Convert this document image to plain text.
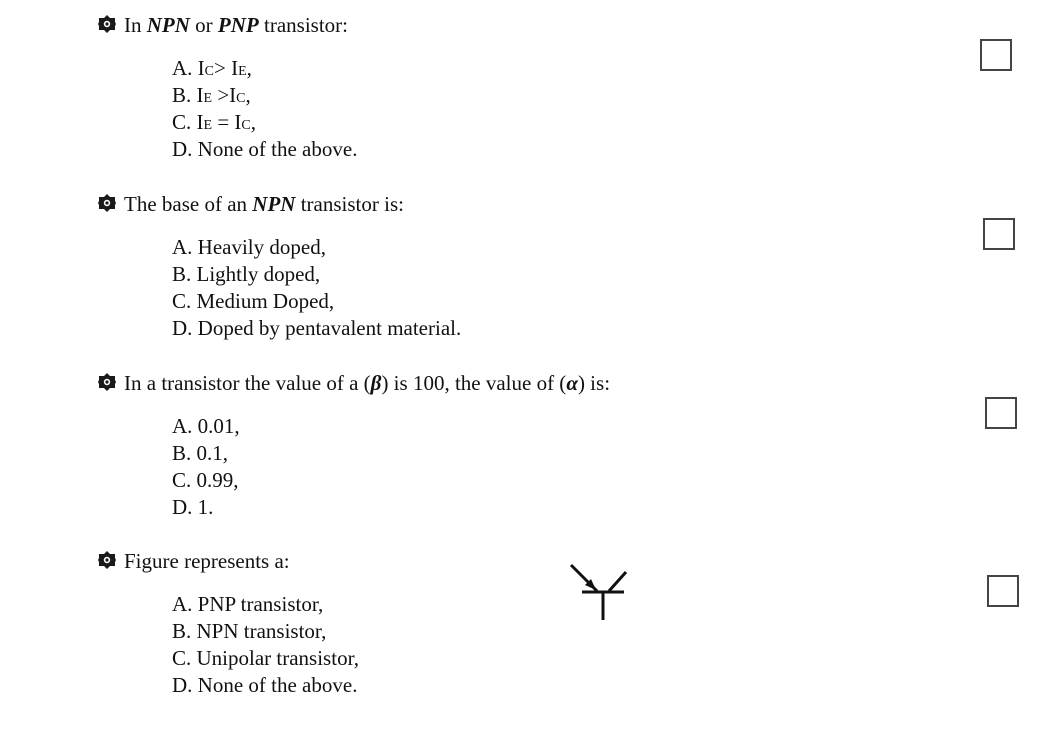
In NPN or PNP transistor:
A. IC> IE,
B. IE >IC,
C. IE = IC,
D. None of the above.
The base of an NPN transistor is:
A. Heavily doped,
B. Lightly doped,
C. Medium Doped,
D. Doped by pentavalent material.
In a transistor the value of a (β) is 100, the value of (α) is:
A. 0.01,
B. 0.1,
C. 0.99,
D. 1.
Figure represents a:
A. PNP transistor,
B. NPN transistor,
C. Unipolar transistor,
D. None of the above.
